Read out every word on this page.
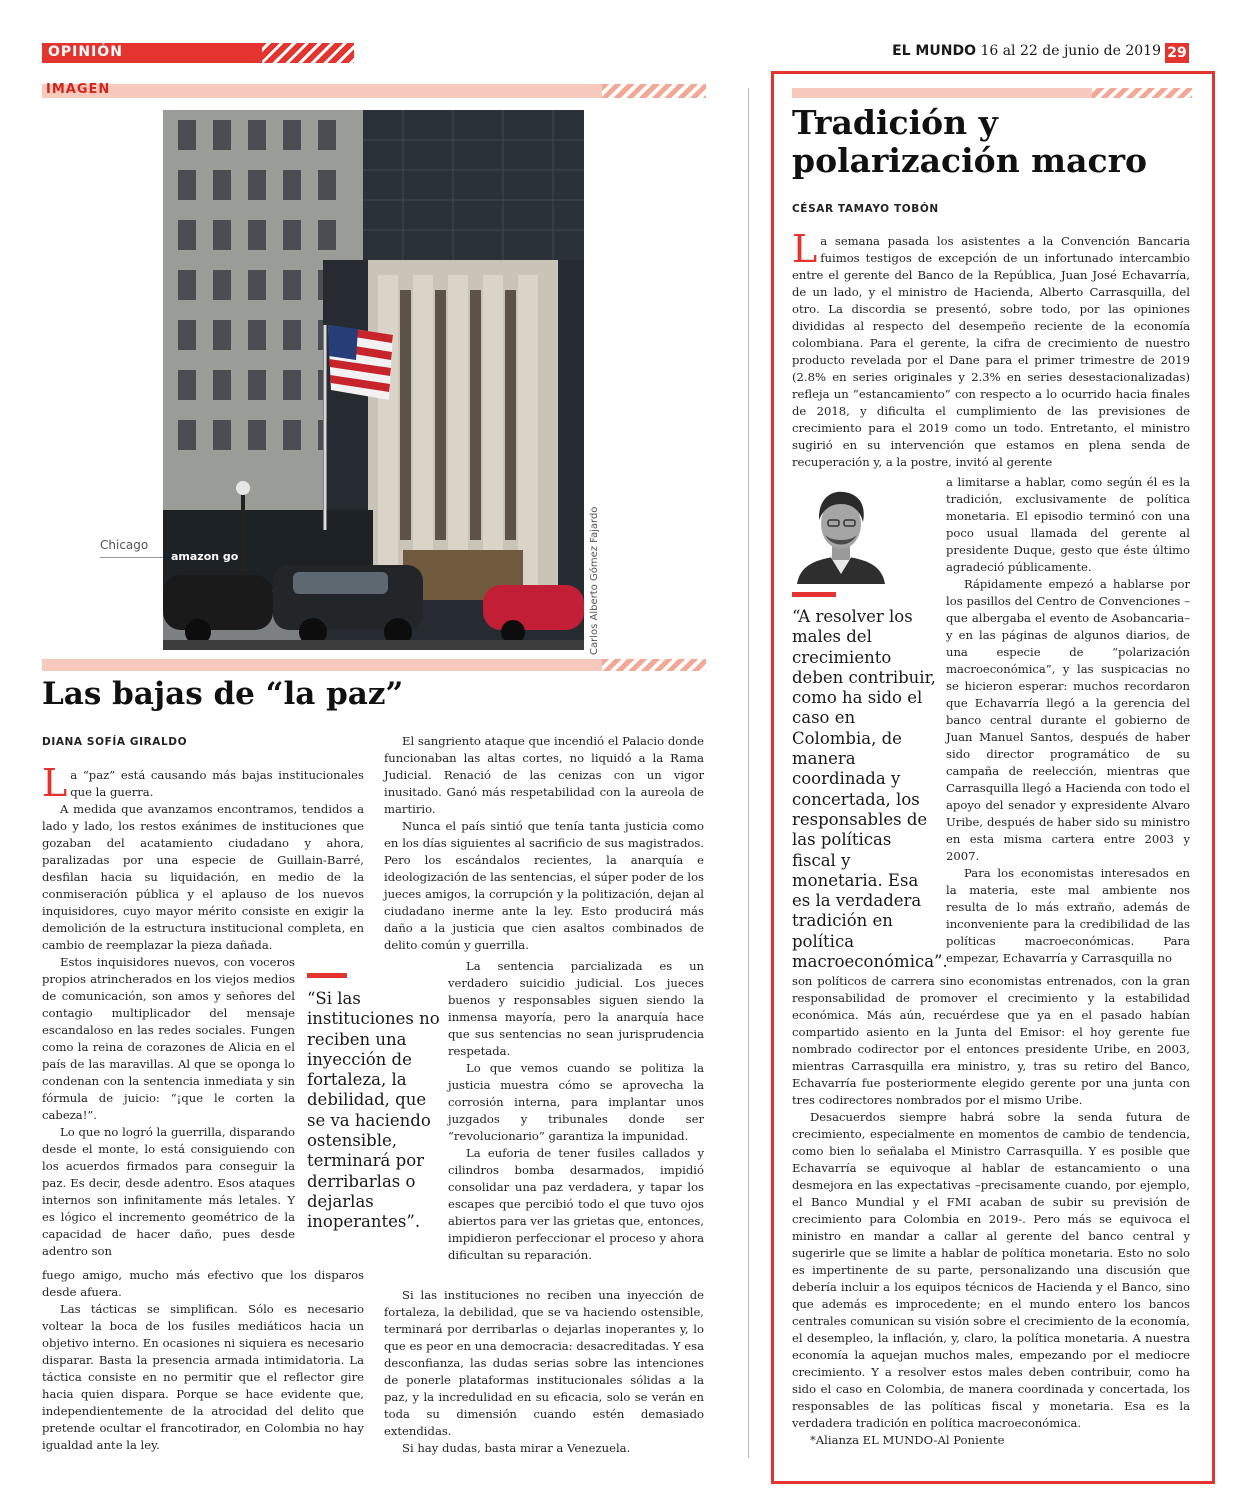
OPINIÓN	EL MUNDO 16 al 22 de junio de 2019 29
IMAGEN
amazon go	Carlos Alberto Gómez Fajardo
Chicago
Las bajas de “la paz”
DIANA SOFÍA GIRALDO

La “paz” está causando más bajas institucionales que la guerra.

A medida que avanzamos encontramos, tendidos a lado y lado, los restos exánimes de instituciones que gozaban del acatamiento ciudadano y ahora, paralizadas por una especie de Guillain-Barré, desfilan hacia su liquidación, en medio de la conmiseración pública y el aplauso de los nuevos inquisidores, cuyo mayor mérito consiste en exigir la demolición de la estructura institucional completa, en cambio de reemplazar la pieza dañada.

Estos inquisidores nuevos, con voceros propios atrincherados en los viejos medios de comunicación, son amos y señores del contagio multiplicador del mensaje escandaloso en las redes sociales. Fungen como la reina de corazones de Alicia en el país de las maravillas. Al que se oponga lo condenan con la sentencia inmediata y sin fórmula de juicio: “¡que le corten la cabeza!”.

Lo que no logró la guerrilla, disparando desde el monte, lo está consiguiendo con los acuerdos firmados para conseguir la paz. Es decir, desde adentro. Esos ataques internos son infinitamente más letales. Y es lógico el incremento geométrico de la capacidad de hacer daño, pues desde adentro son

fuego amigo, mucho más efectivo que los disparos desde afuera.

Las tácticas se simplifican. Sólo es necesario voltear la boca de los fusiles mediáticos hacia un objetivo interno. En ocasiones ni siquiera es necesario disparar. Basta la presencia armada intimidatoria. La táctica consiste en no permitir que el reflector gire hacia quien dispara. Porque se hace evidente que, independientemente de la atrocidad del delito que pretende ocultar el francotirador, en Colombia no hay igualdad ante la ley.

“Si las instituciones no reciben una inyección de fortaleza, la debilidad, que se va haciendo ostensible, terminará por derribarlas o dejarlas inoperantes”.

El sangriento ataque que incendió el Palacio donde funcionaban las altas cortes, no liquidó a la Rama Judicial. Renació de las cenizas con un vigor inusitado. Ganó más respetabilidad con la aureola de martirio.

Nunca el país sintió que tenía tanta justicia como en los días siguientes al sacrificio de sus magistrados. Pero los escándalos recientes, la anarquía e ideologización de las sentencias, el súper poder de los jueces amigos, la corrupción y la politización, dejan al ciudadano inerme ante la ley. Esto producirá más daño a la justicia que cien asaltos combinados de delito común y guerrilla.

La sentencia parcializada es un verdadero suicidio judicial. Los jueces buenos y responsables siguen siendo la inmensa mayoría, pero la anarquía hace que sus sentencias no sean jurisprudencia respetada.

Lo que vemos cuando se politiza la justicia muestra cómo se aprovecha la corrosión interna, para implantar unos juzgados y tribunales donde ser “revolucionario” garantiza la impunidad.

La euforia de tener fusiles callados y cilindros bomba desarmados, impidió consolidar una paz verdadera, y tapar los escapes que percibió todo el que tuvo ojos abiertos para ver las grietas que, entonces, impidieron perfeccionar el proceso y ahora dificultan su reparación.

Si las instituciones no reciben una inyección de fortaleza, la debilidad, que se va haciendo ostensible, terminará por derribarlas o dejarlas inoperantes y, lo que es peor en una democracia: desacreditadas. Y esa desconfianza, las dudas serias sobre las intenciones de ponerle plataformas institucionales sólidas a la paz, y la incredulidad en su eficacia, solo se verán en toda su dimensión cuando estén demasiado extendidas.

Si hay dudas, basta mirar a Venezuela.

Tradición y polarización macro
CÉSAR TAMAYO TOBÓN

La semana pasada los asistentes a la Convención Bancaria fuimos testigos de excepción de un infortunado intercambio entre el gerente del Banco de la República, Juan José Echavarría, de un lado, y el ministro de Hacienda, Alberto Carrasquilla, del otro. La discordia se presentó, sobre todo, por las opiniones divididas al respecto del desempeño reciente de la economía colombiana. Para el gerente, la cifra de crecimiento de nuestro producto revelada por el Dane para el primer trimestre de 2019 (2.8% en series originales y 2.3% en series desestacionalizadas) refleja un “estancamiento” con respecto a lo ocurrido hacia finales de 2018, y dificulta el cumplimiento de las previsiones de crecimiento para el 2019 como un todo. Entretanto, el ministro sugirió en su intervención que estamos en plena senda de recuperación y, a la postre, invitó al gerente

“A resolver los males del crecimiento deben contribuir, como ha sido el caso en Colombia, de manera coordinada y concertada, los responsables de las políticas fiscal y monetaria. Esa es la verdadera tradición en política macroeconómica”.

a limitarse a hablar, como según él es la tradición, exclusivamente de política monetaria. El episodio terminó con una poco usual llamada del gerente al presidente Duque, gesto que éste último agradeció públicamente.

Rápidamente empezó a hablarse por los pasillos del Centro de Convenciones –que albergaba el evento de Asobancaria– y en las páginas de algunos diarios, de una especie de “polarización macroeconómica”, y las suspicacias no se hicieron esperar: muchos recordaron que Echavarría llegó a la gerencia del banco central durante el gobierno de Juan Manuel Santos, después de haber sido director programático de su campaña de reelección, mientras que Carrasquilla llegó a Hacienda con todo el apoyo del senador y expresidente Alvaro Uribe, después de haber sido su ministro en esta misma cartera entre 2003 y 2007.

Para los economistas interesados en la materia, este mal ambiente nos resulta de lo más extraño, además de inconveniente para la credibilidad de las políticas macroeconómicas. Para empezar, Echavarría y Carrasquilla no

son políticos de carrera sino economistas entrenados, con la gran responsabilidad de promover el crecimiento y la estabilidad económica. Más aún, recuérdese que ya en el pasado habían compartido asiento en la Junta del Emisor: el hoy gerente fue nombrado codirector por el entonces presidente Uribe, en 2003, mientras Carrasquilla era ministro, y, tras su retiro del Banco, Echavarría fue posteriormente elegido gerente por una junta con tres codirectores nombrados por el mismo Uribe.

Desacuerdos siempre habrá sobre la senda futura de crecimiento, especialmente en momentos de cambio de tendencia, como bien lo señalaba el Ministro Carrasquilla. Y es posible que Echavarría se equivoque al hablar de estancamiento o una desmejora en las expectativas –precisamente cuando, por ejemplo, el Banco Mundial y el FMI acaban de subir su previsión de crecimiento para Colombia en 2019-. Pero más se equivoca el ministro en mandar a callar al gerente del banco central y sugerirle que se limite a hablar de política monetaria. Esto no solo es impertinente de su parte, personalizando una discusión que debería incluir a los equipos técnicos de Hacienda y el Banco, sino que además es improcedente; en el mundo entero los bancos centrales comunican su visión sobre el crecimiento de la economía, el desempleo, la inflación, y, claro, la política monetaria. A nuestra economía la aquejan muchos males, empezando por el mediocre crecimiento. Y a resolver estos males deben contribuir, como ha sido el caso en Colombia, de manera coordinada y concertada, los responsables de las políticas fiscal y monetaria. Esa es la verdadera tradición en política macroeconómica.

*Alianza EL MUNDO-Al Poniente
